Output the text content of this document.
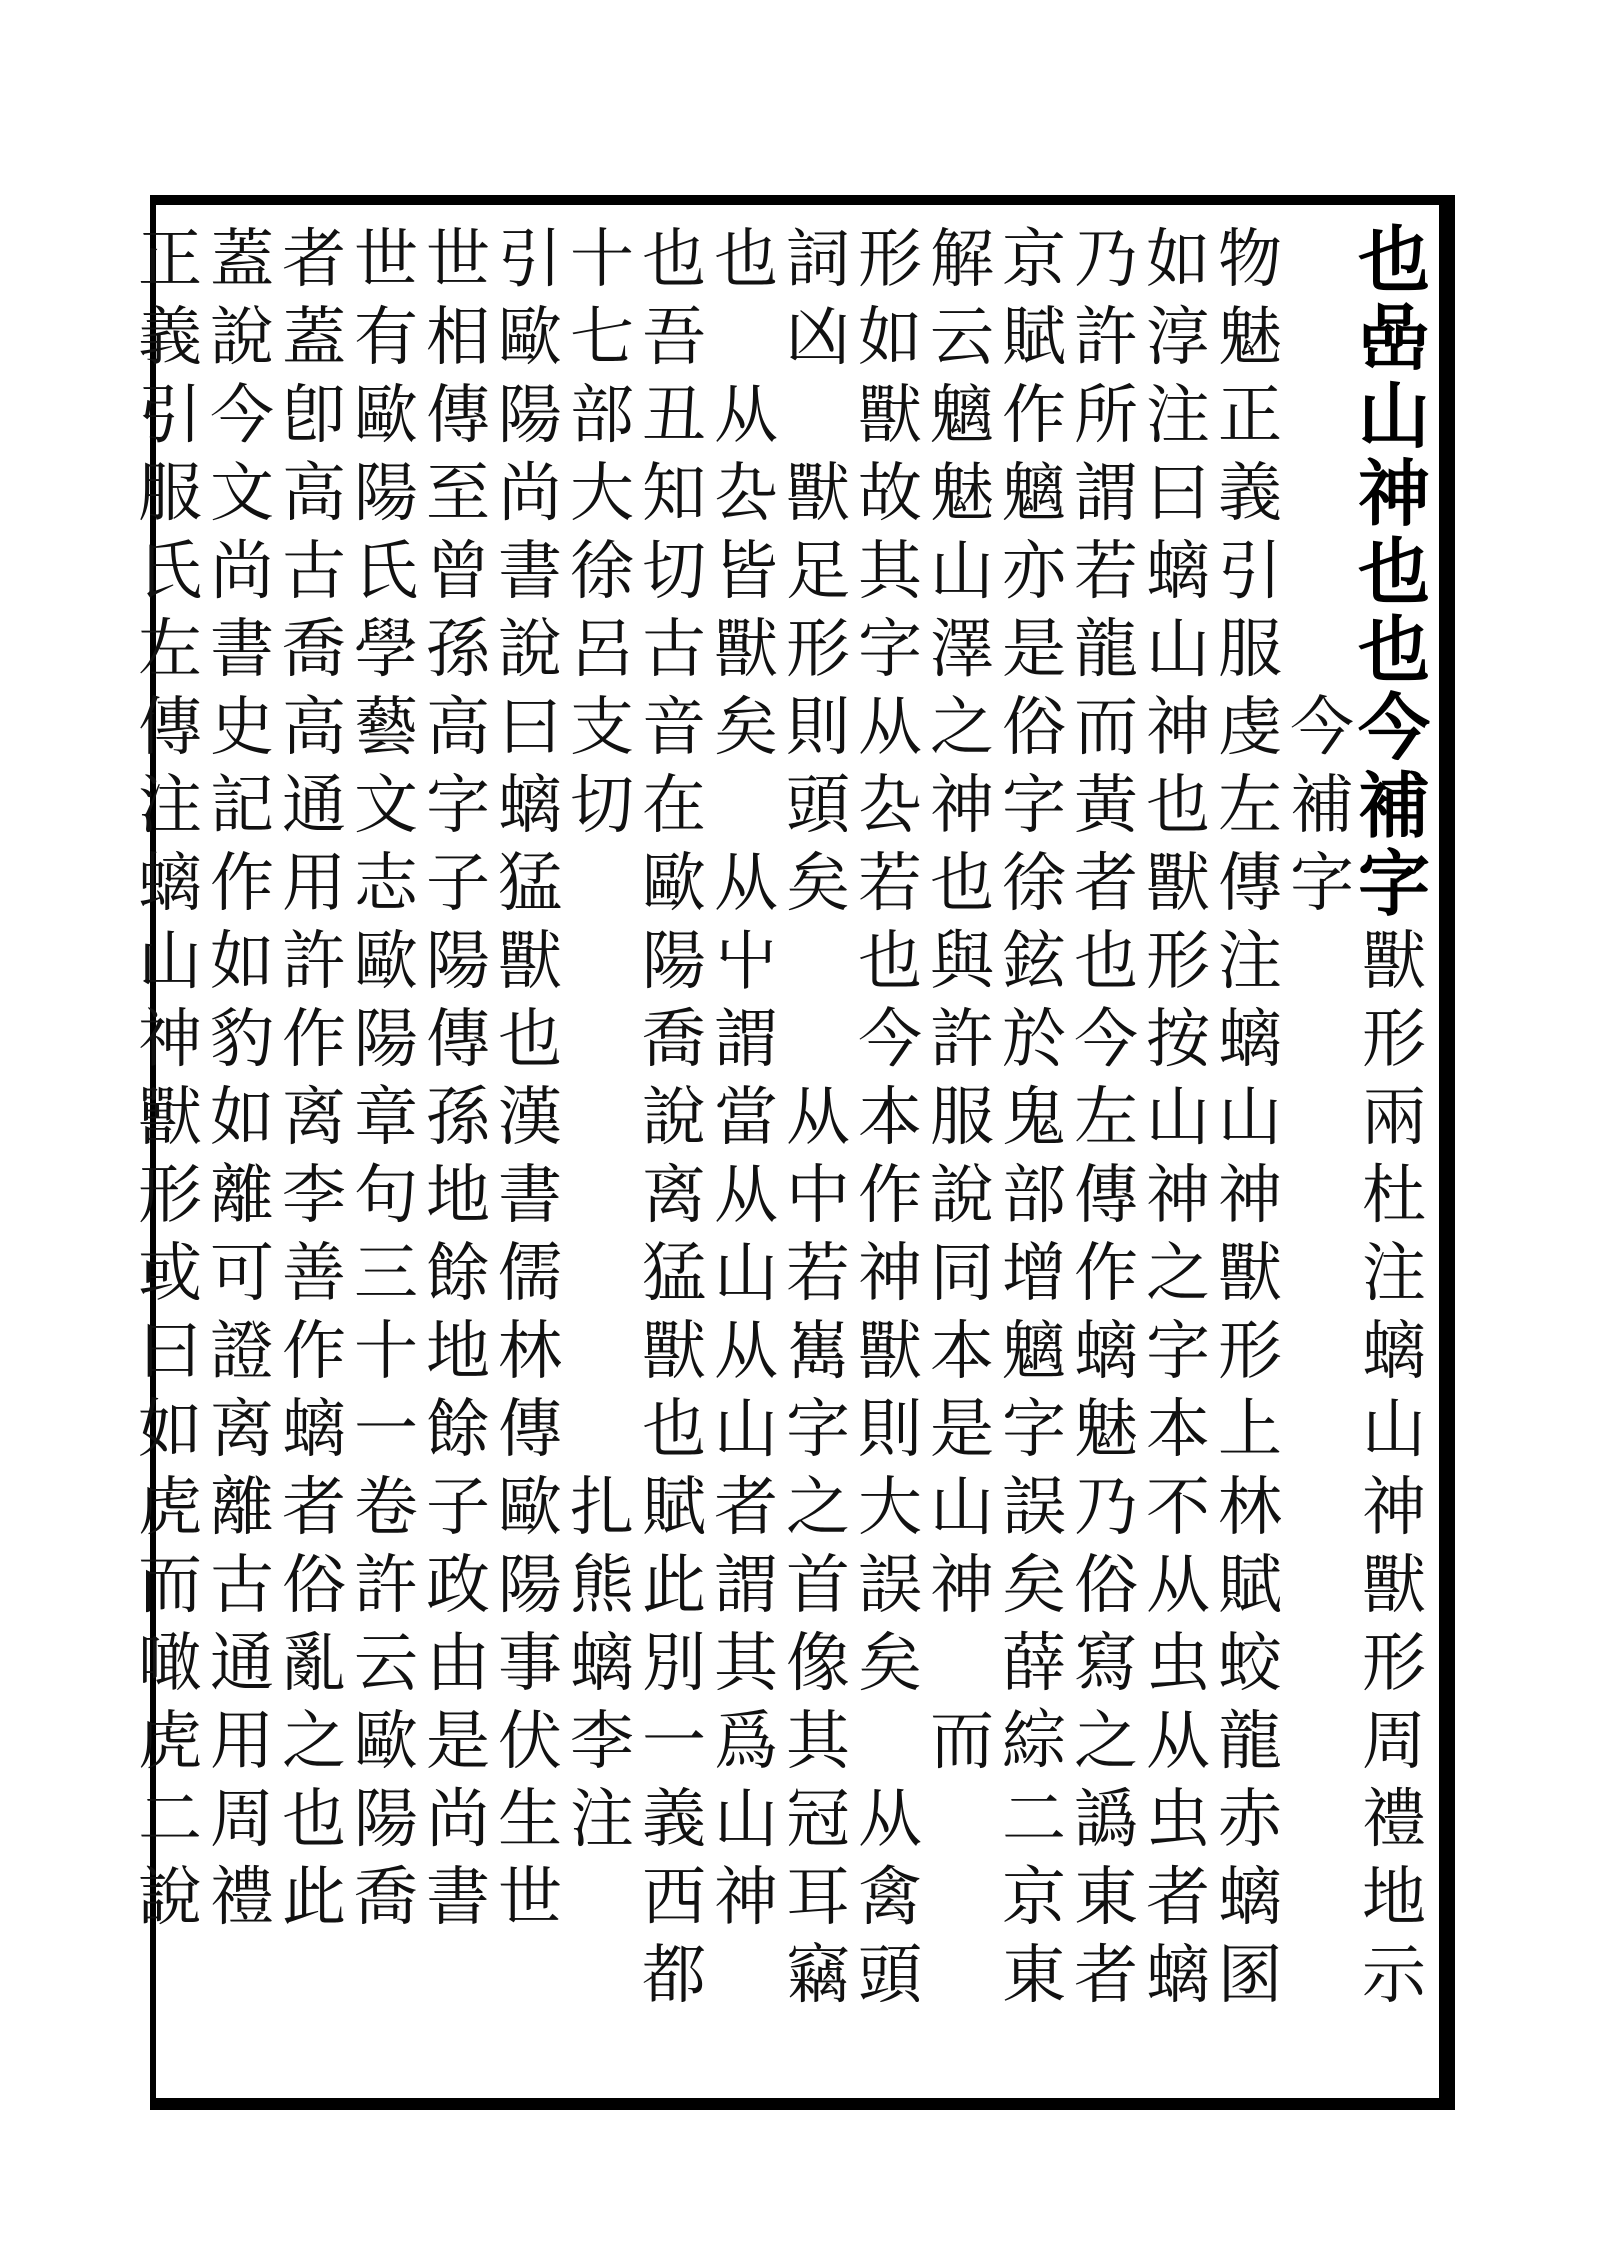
也
嵒
山
神
也
也
今
補
字
獸
形
兩
杜
注
螭
山
神
獸
形
周
禮
地
示
今
補
字
物
魅
正
義
引
服
虔
左
傳
注
螭
山
神
獸
形
上
林
賦
蛟
龍
赤
螭
圂
如
淳
注
曰
螭
山
神
也
獸
形
按
山
神
之
字
本
不
从
虫
从
虫
者
螭
乃
許
所
謂
若
龍
而
黃
者
也
今
左
傳
作
螭
魅
乃
俗
寫
之
譌
東
者
京
賦
作
魑
亦
是
俗
字
徐
鉉
於
鬼
部
增
魑
字
誤
矣
薛
綜
二
京
東
解
云
魑
魅
山
澤
之
神
也
與
許
服
說
同
本
是
山
神
而
形
如
獸
故
其
字
从
厹
若
也
今
本
作
神
獸
則
大
誤
矣
从
禽
頭
詞
凶
獸
足
形
則
頭
矣
从
中
若
嶲
字
之
首
像
其
冠
耳
竊
也
从
厹
皆
獸
矣
从
屮
謂
當
从
山
从
山
者
謂
其
爲
山
神
也
吾
丑
知
切
古
音
在
歐
陽
喬
說
离
猛
獸
也
賦
此
別
一
義
西
都
十
七
部
大
徐
呂
支
切
扎
熊
螭
李
注
引
歐
陽
尚
書
說
曰
螭
猛
獸
也
漢
書
儒
林
傳
歐
陽
事
伏
生
世
世
相
傳
至
曾
孫
高
字
子
陽
傳
孫
地
餘
地
餘
子
政
由
是
尚
書
世
有
歐
陽
氏
學
藝
文
志
歐
陽
章
句
三
十
一
卷
許
云
歐
陽
喬
者
蓋
卽
高
古
喬
高
通
用
許
作
离
李
善
作
螭
者
俗
亂
之
也
此
蓋
說
今
文
尚
書
史
記
作
如
豹
如
離
可
證
离
離
古
通
用
周
禮
正
義
引
服
氏
左
傳
注
螭
山
神
獸
形
或
曰
如
虎
而
噉
虎
二
說
